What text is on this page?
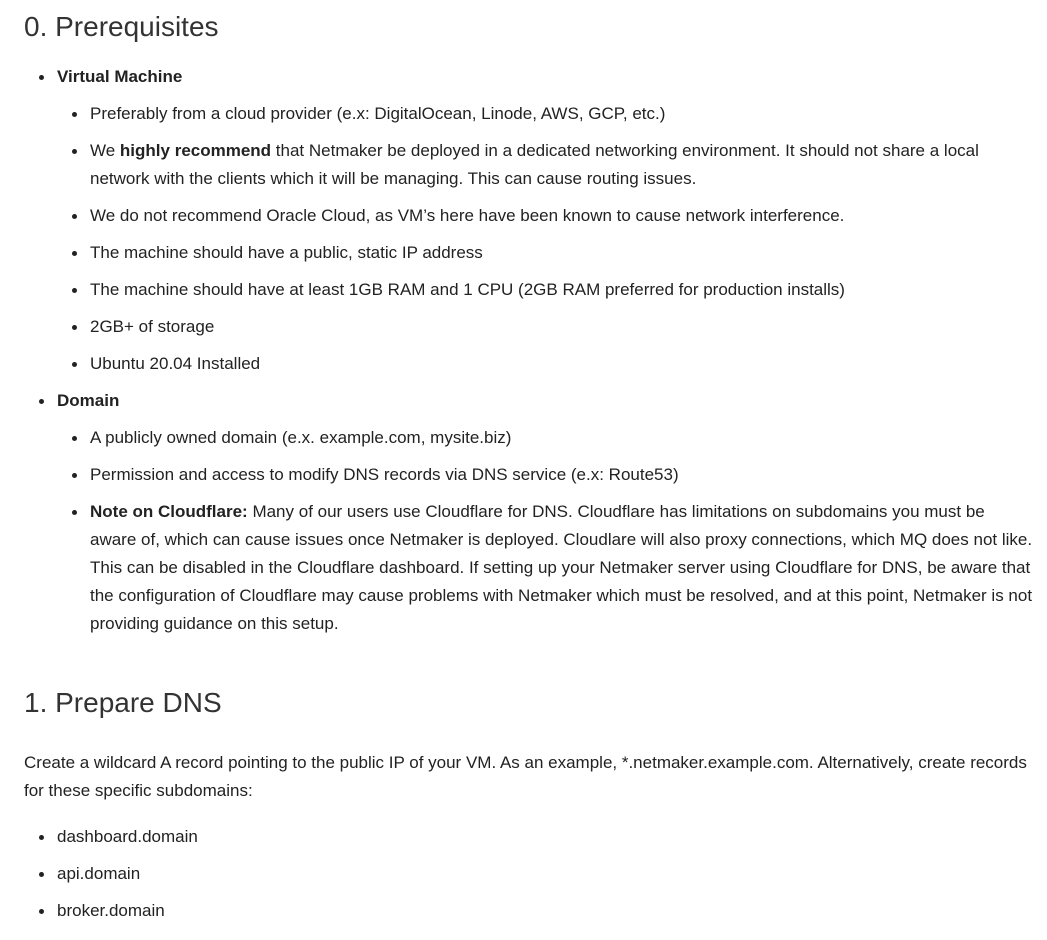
0. Prerequisites
Virtual Machine
Preferably from a cloud provider (e.x: DigitalOcean, Linode, AWS, GCP, etc.)
We highly recommend that Netmaker be deployed in a dedicated networking environment. It should not share a local network with the clients which it will be managing. This can cause routing issues.
We do not recommend Oracle Cloud, as VM’s here have been known to cause network interference.
The machine should have a public, static IP address
The machine should have at least 1GB RAM and 1 CPU (2GB RAM preferred for production installs)
2GB+ of storage
Ubuntu 20.04 Installed
Domain
A publicly owned domain (e.x. example.com, mysite.biz)
Permission and access to modify DNS records via DNS service (e.x: Route53)
Note on Cloudflare: Many of our users use Cloudflare for DNS. Cloudflare has limitations on subdomains you must be aware of, which can cause issues once Netmaker is deployed. Cloudlare will also proxy connections, which MQ does not like. This can be disabled in the Cloudflare dashboard. If setting up your Netmaker server using Cloudflare for DNS, be aware that the configuration of Cloudflare may cause problems with Netmaker which must be resolved, and at this point, Netmaker is not providing guidance on this setup.
1. Prepare DNS

Create a wildcard A record pointing to the public IP of your VM. As an example, *.netmaker.example.com. Alternatively, create records for these specific subdomains:

dashboard.domain
api.domain
broker.domain
